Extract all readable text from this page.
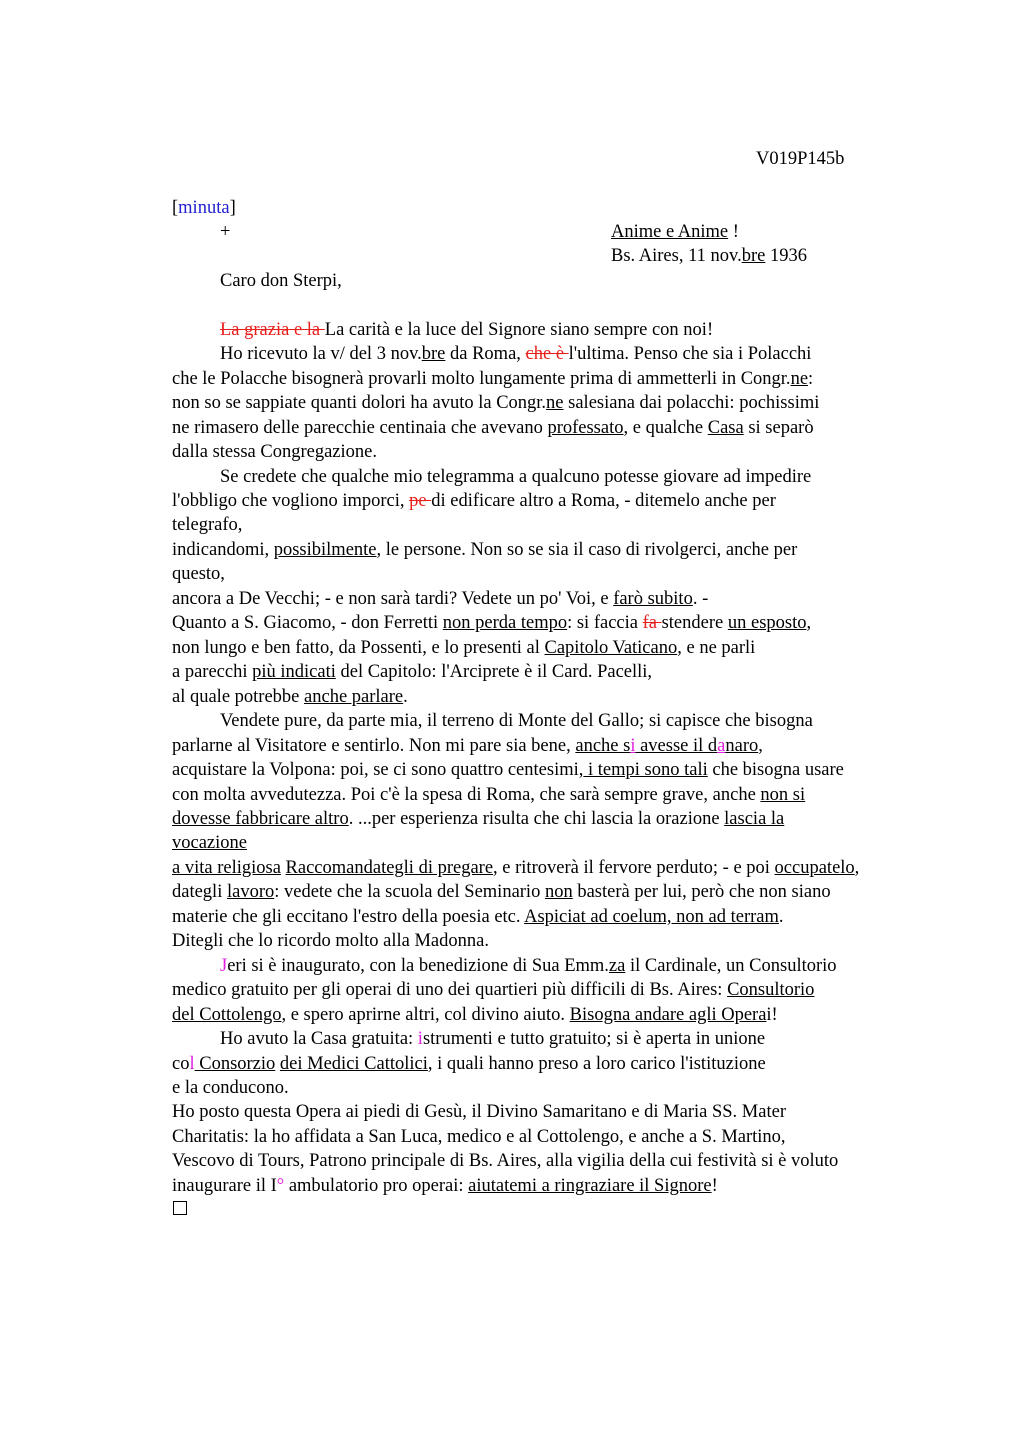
V019P145b
[minuta]
+	Anime e Anime !
Bs. Aires, 11 nov.bre 1936
Caro don Sterpi,
La grazia e la La carità e la luce del Signore siano sempre con noi!
Ho ricevuto la v/ del 3 nov.bre da Roma, che è l'ultima. Penso che sia i Polacchi
che le Polacche bisognerà provarli molto lungamente prima di ammetterli in Congr.ne:
non so se sappiate quanti dolori ha avuto la Congr.ne salesiana dai polacchi: pochissimi
ne rimasero delle parecchie centinaia che avevano professato, e qualche Casa si separò
dalla stessa Congregazione.
Se credete che qualche mio telegramma a qualcuno potesse giovare ad impedire
l'obbligo che vogliono imporci, pe di edificare altro a Roma, - ditemelo anche per
telegrafo,
indicandomi, possibilmente, le persone. Non so se sia il caso di rivolgerci, anche per
questo,
ancora a De Vecchi; - e non sarà tardi? Vedete un po' Voi, e farò subito. -
Quanto a S. Giacomo, - don Ferretti non perda tempo: si faccia fa stendere un esposto,
non lungo e ben fatto, da Possenti, e lo presenti al Capitolo Vaticano, e ne parli
a parecchi più indicati del Capitolo: l'Arciprete è il Card. Pacelli,
al quale potrebbe anche parlare.
Vendete pure, da parte mia, il terreno di Monte del Gallo; si capisce che bisogna
parlarne al Visitatore e sentirlo. Non mi pare sia bene, anche si avesse il danaro,
acquistare la Volpona: poi, se ci sono quattro centesimi, i tempi sono tali che bisogna usare
con molta avvedutezza. Poi c'è la spesa di Roma, che sarà sempre grave, anche non si
dovesse fabbricare altro. ...per esperienza risulta che chi lascia la orazione lascia la
vocazione
a vita religiosa Raccomandategli di pregare, e ritroverà il fervore perduto; - e poi occupatelo,
dategli lavoro: vedete che la scuola del Seminario non basterà per lui, però che non siano
materie che gli eccitano l'estro della poesia etc. Aspiciat ad coelum, non ad terram.
Ditegli che lo ricordo molto alla Madonna.
Jeri si è inaugurato, con la benedizione di Sua Emm.za il Cardinale, un Consultorio
medico gratuito per gli operai di uno dei quartieri più difficili di Bs. Aires: Consultorio
del Cottolengo, e spero aprirne altri, col divino aiuto. Bisogna andare agli Operai!
Ho avuto la Casa gratuita: istrumenti e tutto gratuito; si è aperta in unione
col Consorzio dei Medici Cattolici, i quali hanno preso a loro carico l'istituzione
e la conducono.
Ho posto questa Opera ai piedi di Gesù, il Divino Samaritano e di Maria SS. Mater
Charitatis: la ho affidata a San Luca, medico e al Cottolengo, e anche a S. Martino,
Vescovo di Tours, Patrono principale di Bs. Aires, alla vigilia della cui festività si è voluto
inaugurare il I° ambulatorio pro operai: aiutatemi a ringraziare il Signore!
